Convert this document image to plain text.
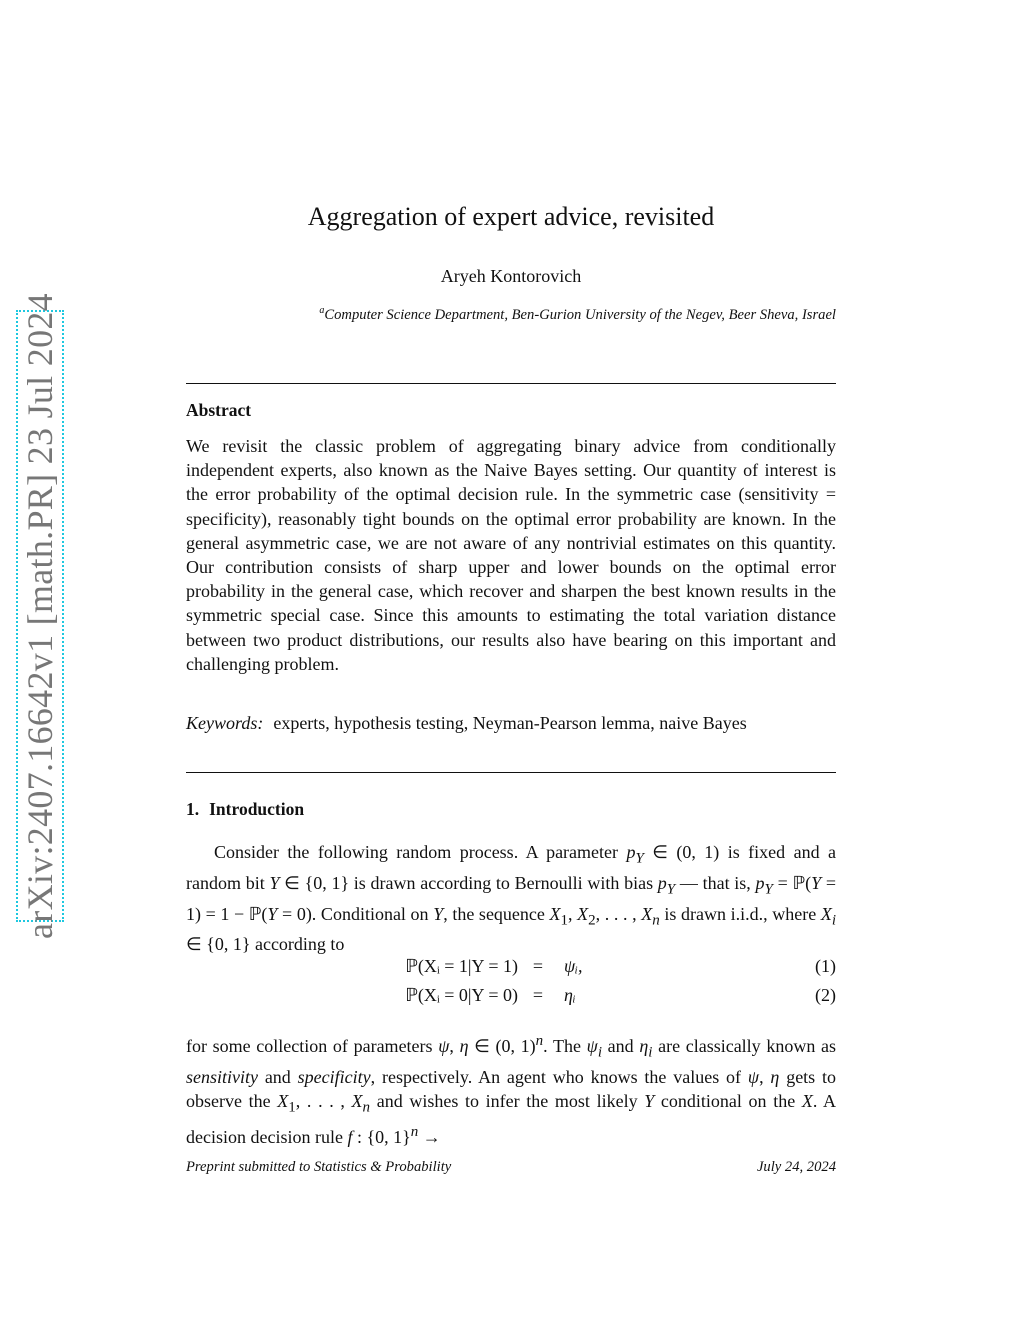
arXiv:2407.16642v1 [math.PR] 23 Jul 2024
Aggregation of expert advice, revisited
Aryeh Kontorovich
$^a$Computer Science Department, Ben-Gurion University of the Negev, Beer Sheva, Israel
Abstract

We revisit the classic problem of aggregating binary advice from conditionally independent experts, also known as the Naive Bayes setting. Our quantity of interest is the error probability of the optimal decision rule. In the symmetric case (sensitivity = specificity), reasonably tight bounds on the optimal error probability are known. In the general asymmetric case, we are not aware of any nontrivial estimates on this quantity. Our contribution consists of sharp upper and lower bounds on the optimal error probability in the general case, which recover and sharpen the best known results in the symmetric special case. Since this amounts to estimating the total variation distance between two product distributions, our results also have bearing on this important and challenging problem.

Keywords: experts, hypothesis testing, Neyman-Pearson lemma, naive Bayes
1. Introduction

Consider the following random process. A parameter $p_Y$ ∈ (0, 1) is fixed and a random bit Y ∈ {0, 1} is drawn according to Bernoulli with bias $p_Y$ — that is, $p_Y$ = ℙ(Y = 1) = 1 − ℙ(Y = 0). Conditional on Y, the sequence $X_1$, $X_2$, . . . , $X_n$ is drawn i.i.d., where $X_i$ ∈ {0, 1} according to

ℙ(Xᵢ = 1|Y = 1) = ψᵢ,	(1)
ℙ(Xᵢ = 0|Y = 0) = ηᵢ	(2)

for some collection of parameters ψ, η ∈ (0, 1)$^n$. The $\psi_i$ and $\eta_i$ are classically known as sensitivity and specificity, respectively. An agent who knows the values of ψ, η gets to observe the $X_1$, . . . , $X_n$ and wishes to infer the most likely Y conditional on the X. A decision decision rule f : {0, 1}$^n$ →

Preprint submitted to Statistics & Probability	July 24, 2024
